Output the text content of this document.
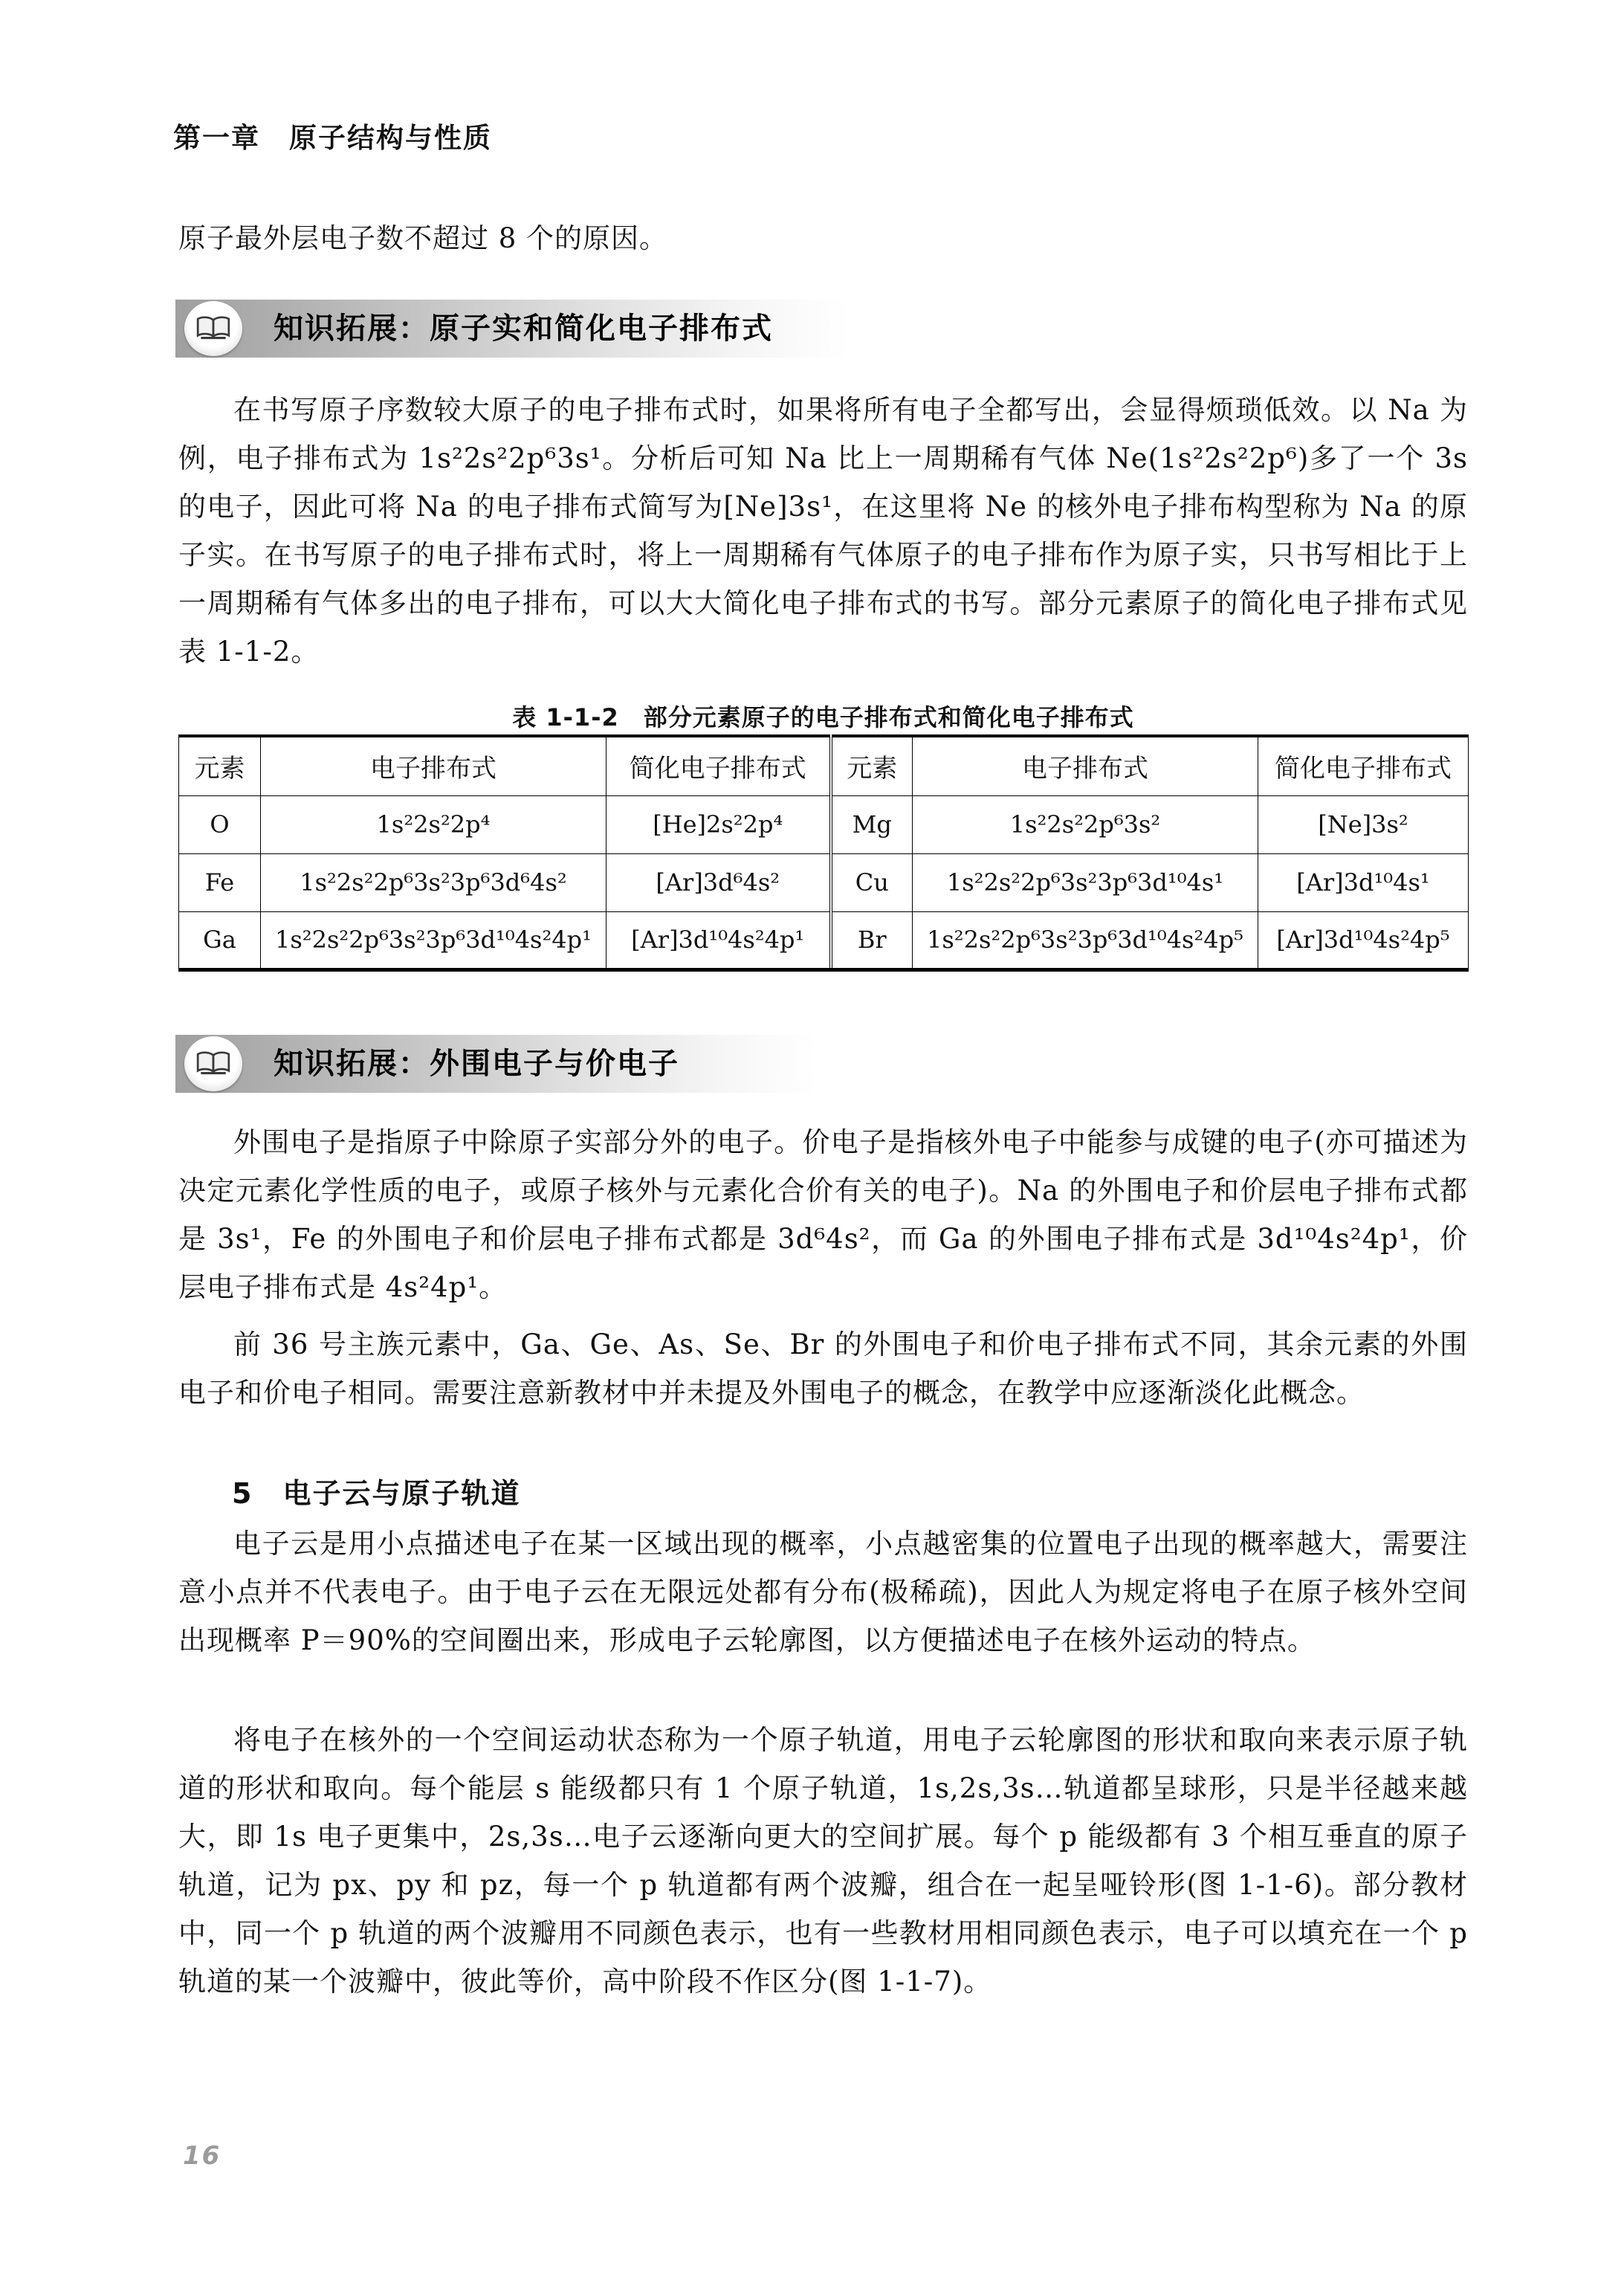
第一章　原子结构与性质
原子最外层电子数不超过 8 个的原因。
知识拓展：原子实和简化电子排布式
在书写原子序数较大原子的电子排布式时，如果将所有电子全都写出，会显得烦琐低效。以 Na 为例，电子排布式为 1s²2s²2p⁶3s¹。分析后可知 Na 比上一周期稀有气体 Ne(1s²2s²2p⁶)多了一个 3s 的电子，因此可将 Na 的电子排布式简写为[Ne]3s¹，在这里将 Ne 的核外电子排布构型称为 Na 的原子实。在书写原子的电子排布式时，将上一周期稀有气体原子的电子排布作为原子实，只书写相比于上一周期稀有气体多出的电子排布，可以大大简化电子排布式的书写。部分元素原子的简化电子排布式见表 1-1-2。
表 1-1-2　部分元素原子的电子排布式和简化电子排布式
元素	电子排布式	简化电子排布式	元素	电子排布式	简化电子排布式
O	1s²2s²2p⁴	[He]2s²2p⁴	Mg	1s²2s²2p⁶3s²	[Ne]3s²
Fe	1s²2s²2p⁶3s²3p⁶3d⁶4s²	[Ar]3d⁶4s²	Cu	1s²2s²2p⁶3s²3p⁶3d¹⁰4s¹	[Ar]3d¹⁰4s¹
Ga	1s²2s²2p⁶3s²3p⁶3d¹⁰4s²4p¹	[Ar]3d¹⁰4s²4p¹	Br	1s²2s²2p⁶3s²3p⁶3d¹⁰4s²4p⁵	[Ar]3d¹⁰4s²4p⁵
知识拓展：外围电子与价电子
外围电子是指原子中除原子实部分外的电子。价电子是指核外电子中能参与成键的电子(亦可描述为决定元素化学性质的电子，或原子核外与元素化合价有关的电子)。Na 的外围电子和价层电子排布式都是 3s¹，Fe 的外围电子和价层电子排布式都是 3d⁶4s²，而 Ga 的外围电子排布式是 3d¹⁰4s²4p¹，价层电子排布式是 4s²4p¹。
前 36 号主族元素中，Ga、Ge、As、Se、Br 的外围电子和价电子排布式不同，其余元素的外围电子和价电子相同。需要注意新教材中并未提及外围电子的概念，在教学中应逐渐淡化此概念。
5　电子云与原子轨道
电子云是用小点描述电子在某一区域出现的概率，小点越密集的位置电子出现的概率越大，需要注意小点并不代表电子。由于电子云在无限远处都有分布(极稀疏)，因此人为规定将电子在原子核外空间出现概率 P＝90%的空间圈出来，形成电子云轮廓图，以方便描述电子在核外运动的特点。
将电子在核外的一个空间运动状态称为一个原子轨道，用电子云轮廓图的形状和取向来表示原子轨道的形状和取向。每个能层 s 能级都只有 1 个原子轨道，1s,2s,3s…轨道都呈球形，只是半径越来越大，即 1s 电子更集中，2s,3s…电子云逐渐向更大的空间扩展。每个 p 能级都有 3 个相互垂直的原子轨道，记为 px、py 和 pz，每一个 p 轨道都有两个波瓣，组合在一起呈哑铃形(图 1-1-6)。部分教材中，同一个 p 轨道的两个波瓣用不同颜色表示，也有一些教材用相同颜色表示，电子可以填充在一个 p 轨道的某一个波瓣中，彼此等价，高中阶段不作区分(图 1-1-7)。
16
